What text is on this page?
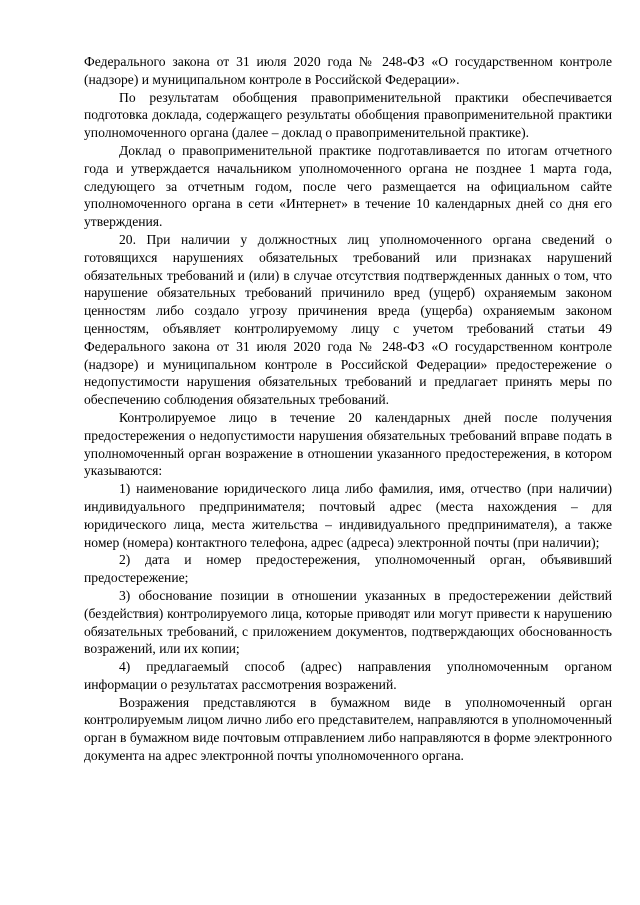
Федерального закона от 31 июля 2020 года № 248-ФЗ «О государственном контроле (надзоре) и муниципальном контроле в Российской Федерации».

По результатам обобщения правоприменительной практики обеспечивается подготовка доклада, содержащего результаты обобщения правоприменительной практики уполномоченного органа (далее – доклад о правоприменительной практике).

Доклад о правоприменительной практике подготавливается по итогам отчетного года и утверждается начальником уполномоченного органа не позднее 1 марта года, следующего за отчетным годом, после чего размещается на официальном сайте уполномоченного органа в сети «Интернет» в течение 10 календарных дней со дня его утверждения.

20. При наличии у должностных лиц уполномоченного органа сведений о готовящихся нарушениях обязательных требований или признаках нарушений обязательных требований и (или) в случае отсутствия подтвержденных данных о том, что нарушение обязательных требований причинило вред (ущерб) охраняемым законом ценностям либо создало угрозу причинения вреда (ущерба) охраняемым законом ценностям, объявляет контролируемому лицу с учетом требований статьи 49 Федерального закона от 31 июля 2020 года № 248-ФЗ «О государственном контроле (надзоре) и муниципальном контроле в Российской Федерации» предостережение о недопустимости нарушения обязательных требований и предлагает принять меры по обеспечению соблюдения обязательных требований.

Контролируемое лицо в течение 20 календарных дней после получения предостережения о недопустимости нарушения обязательных требований вправе подать в уполномоченный орган возражение в отношении указанного предостережения, в котором указываются:

1) наименование юридического лица либо фамилия, имя, отчество (при наличии) индивидуального предпринимателя; почтовый адрес (места нахождения – для юридического лица, места жительства – индивидуального предпринимателя), а также номер (номера) контактного телефона, адрес (адреса) электронной почты (при наличии);

2) дата и номер предостережения, уполномоченный орган, объявивший предостережение;

3) обоснование позиции в отношении указанных в предостережении действий (бездействия) контролируемого лица, которые приводят или могут привести к нарушению обязательных требований, с приложением документов, подтверждающих обоснованность возражений, или их копии;

4) предлагаемый способ (адрес) направления уполномоченным органом информации о результатах рассмотрения возражений.

Возражения представляются в бумажном виде в уполномоченный орган контролируемым лицом лично либо его представителем, направляются в уполномоченный орган в бумажном виде почтовым отправлением либо направляются в форме электронного документа на адрес электронной почты уполномоченного органа.
